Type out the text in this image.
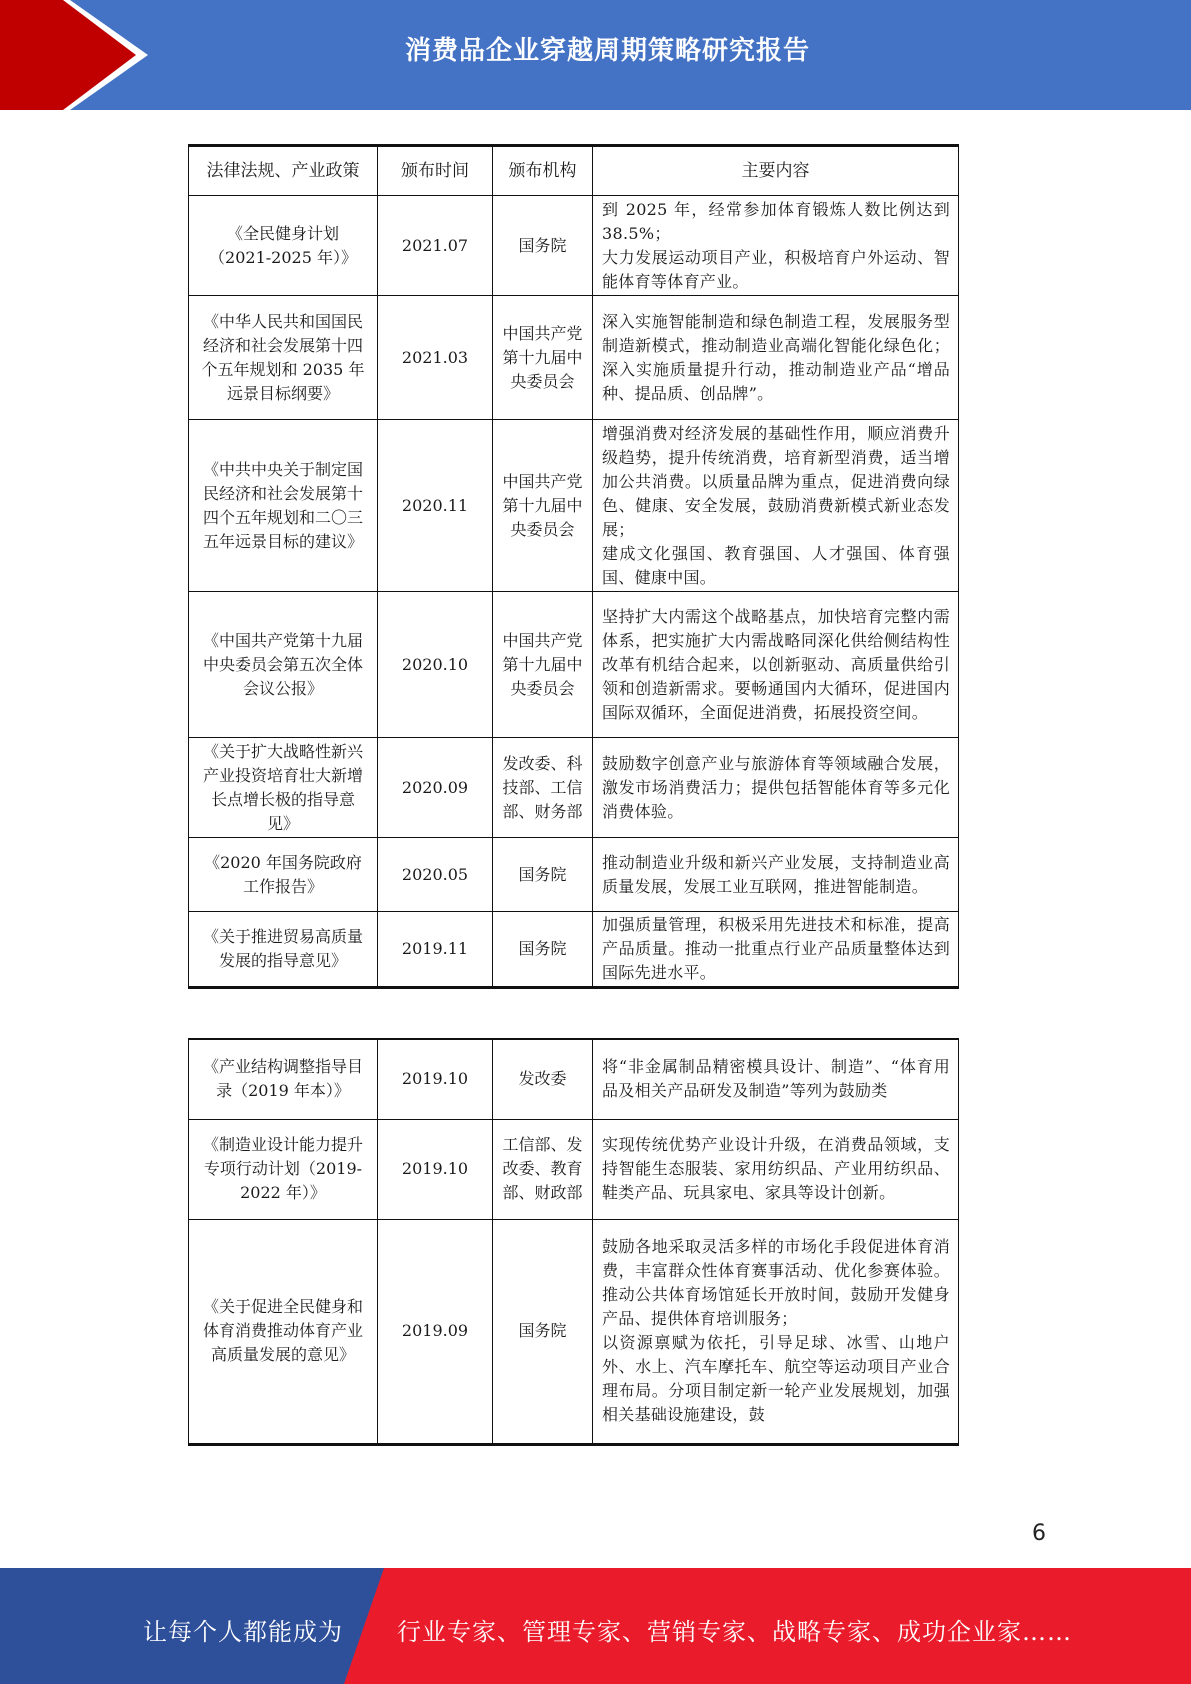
消费品企业穿越周期策略研究报告
法律法规、产业政策	颁布时间	颁布机构	主要内容
《全民健身计划（2021-2025 年）》	2021.07	国务院	到 2025 年，经常参加体育锻炼人数比例达到 38.5%；
大力发展运动项目产业，积极培育户外运动、智能体育等体育产业。

《中华人民共和国国民经济和社会发展第十四个五年规划和 2035 年远景目标纲要》	2021.03	中国共产党第十九届中央委员会	深入实施智能制造和绿色制造工程，发展服务型制造新模式，推动制造业高端化智能化绿色化；深入实施质量提升行动，推动制造业产品“增品种、提品质、创品牌”。

《中共中央关于制定国民经济和社会发展第十四个五年规划和二〇三五年远景目标的建议》	2020.11	中国共产党第十九届中央委员会	增强消费对经济发展的基础性作用，顺应消费升级趋势，提升传统消费，培育新型消费，适当增加公共消费。以质量品牌为重点，促进消费向绿色、健康、安全发展，鼓励消费新模式新业态发展；
建成文化强国、教育强国、人才强国、体育强国、健康中国。

《中国共产党第十九届中央委员会第五次全体会议公报》	2020.10	中国共产党第十九届中央委员会	坚持扩大内需这个战略基点，加快培育完整内需体系，把实施扩大内需战略同深化供给侧结构性改革有机结合起来，以创新驱动、高质量供给引领和创造新需求。要畅通国内大循环，促进国内国际双循环，全面促进消费，拓展投资空间。

《关于扩大战略性新兴产业投资培育壮大新增长点增长极的指导意见》	2020.09	发改委、科技部、工信部、财务部	鼓励数字创意产业与旅游体育等领域融合发展，激发市场消费活力；提供包括智能体育等多元化消费体验。

《2020 年国务院政府工作报告》	2020.05	国务院	推动制造业升级和新兴产业发展，支持制造业高质量发展，发展工业互联网，推进智能制造。

《关于推进贸易高质量发展的指导意见》	2019.11	国务院	加强质量管理，积极采用先进技术和标准，提高产品质量。推动一批重点行业产品质量整体达到国际先进水平。
《产业结构调整指导目录（2019 年本）》	2019.10	发改委	将“非金属制品精密模具设计、制造”、“体育用品及相关产品研发及制造”等列为鼓励类

《制造业设计能力提升专项行动计划（2019-2022 年）》	2019.10	工信部、发改委、教育部、财政部	实现传统优势产业设计升级，在消费品领域，支持智能生态服装、家用纺织品、产业用纺织品、鞋类产品、玩具家电、家具等设计创新。

《关于促进全民健身和体育消费推动体育产业高质量发展的意见》	2019.09	国务院	鼓励各地采取灵活多样的市场化手段促进体育消费，丰富群众性体育赛事活动、优化参赛体验。推动公共体育场馆延长开放时间，鼓励开发健身产品、提供体育培训服务；
以资源禀赋为依托，引导足球、冰雪、山地户外、水上、汽车摩托车、航空等运动项目产业合理布局。分项目制定新一轮产业发展规划，加强相关基础设施建设，鼓
6
让每个人都能成为 行业专家、管理专家、营销专家、战略专家、成功企业家……
